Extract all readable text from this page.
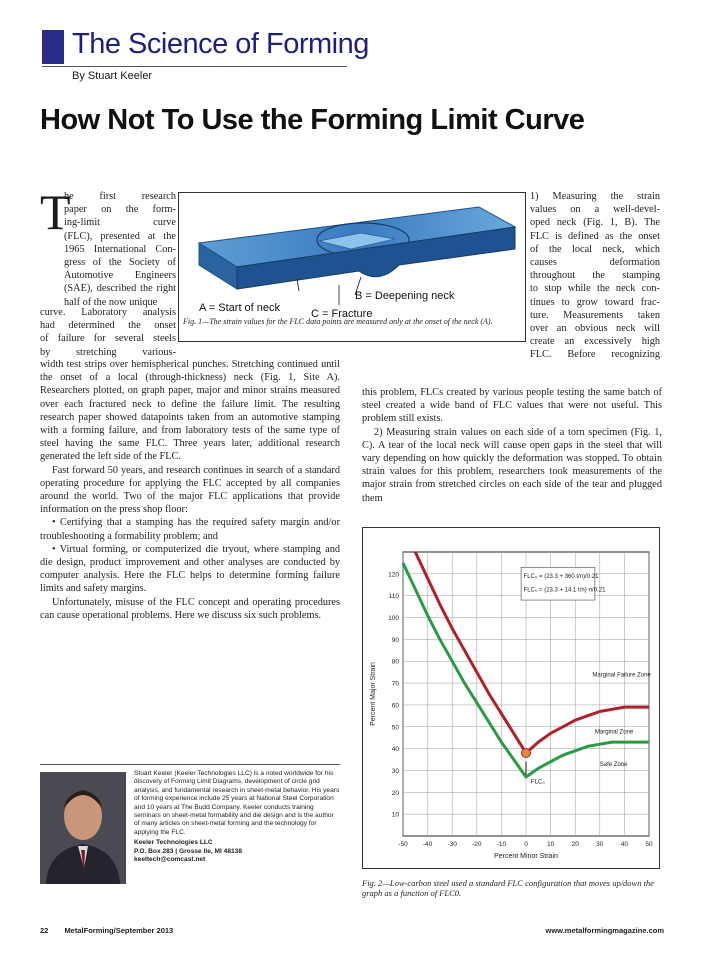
The Science of Forming
By Stuart Keeler
How Not To Use the Forming Limit Curve
T
he first research
paper on the form-
ing-limit curve
(FLC), presented at the
1965 International Con-
gress of the Society of
Automotive Engineers
(SAE), described the right
half of the now unique
curve. Laboratory analysis
had determined the onset
of failure for several steels
by stretching various-
A = Start of neck
B = Deepening neck
C = Fracture
Fig. 1—The strain values for the FLC data points are measured only at the onset of the neck (A).
1) Measuring the strain
values on a well-devel-
oped neck (Fig. 1, B). The
FLC is defined as the onset
of the local neck, which
causes deformation
throughout the stamping
to stop while the neck con-
tinues to grow toward frac-
ture. Measurements taken
over an obvious neck will
create an excessively high
FLC. Before recognizing

width test strips over hemispherical punches. Stretching continued until the onset of a local (through-thickness) neck (Fig. 1, Site A). Researchers plotted, on graph paper, major and minor strains measured over each fractured neck to define the failure limit. The resulting research paper showed datapoints taken from an automotive stamping with a forming failure, and from laboratory tests of the same type of steel having the same FLC. Three years later, additional research generated the left side of the FLC.

Fast forward 50 years, and research continues in search of a standard operating procedure for applying the FLC accepted by all companies around the world. Two of the major FLC applications that provide information on the press shop floor:

• Certifying that a stamping has the required safety margin and/or troubleshooting a formability problem; and

• Virtual forming, or computerized die tryout, where stamping and die design, product improvement and other analyses are conducted by computer analysis. Here the FLC helps to determine forming failure limits and safety margins.

Unfortunately, misuse of the FLC concept and operating procedures can cause operational problems. Here we discuss six such problems.

this problem, FLCs created by various people testing the same batch of steel created a wide band of FLC values that were not useful. This problem still exists.

2) Measuring strain values on each side of a torn specimen (Fig. 1, C). A tear of the local neck will cause open gaps in the steel that will vary depending on how quickly the deformation was stopped. To obtain strain values for this problem, researchers took measurements of the major strain from stretched circles on each side of the tear and plugged them

-50 -40 -30 -20 -10	0	10	20	30	40	50
10
20
30
40
50
60
70
80
90
100
110
120	FLC₀ = (23.3 + 360 t/n)/0.21
FLC₀ = (23.3 + 14.1 t/n)·n/0.21
Marginal Failure Zone
Marginal Zone
Safe Zone
FLC₀
Percent Minor Strain
Percent Major Strain
Fig. 2—Low-carbon steel used a standard FLC configuration that moves up/down the graph as a function of FLC0.
Stuart Keeler (Keeler Technologies LLC) is a noted worldwide for his discovery of Forming Limit Diagrams, development of circle grid analysis, and fundamental research in sheet-metal behavior. His years of forming experience include 25 years at National Steel Corporation and 10 years at The Budd Company. Keeler conducts training seminars on sheet-metal formability and die design and is the author of many articles on sheet-metal forming and the technology for applying the FLC.
Keeler Technologies LLC
P.O. Box 283 | Grosse Ile, MI 48138
keeltech@comcast.net
22 MetalForming/September 2013	www.metalformingmagazine.com
